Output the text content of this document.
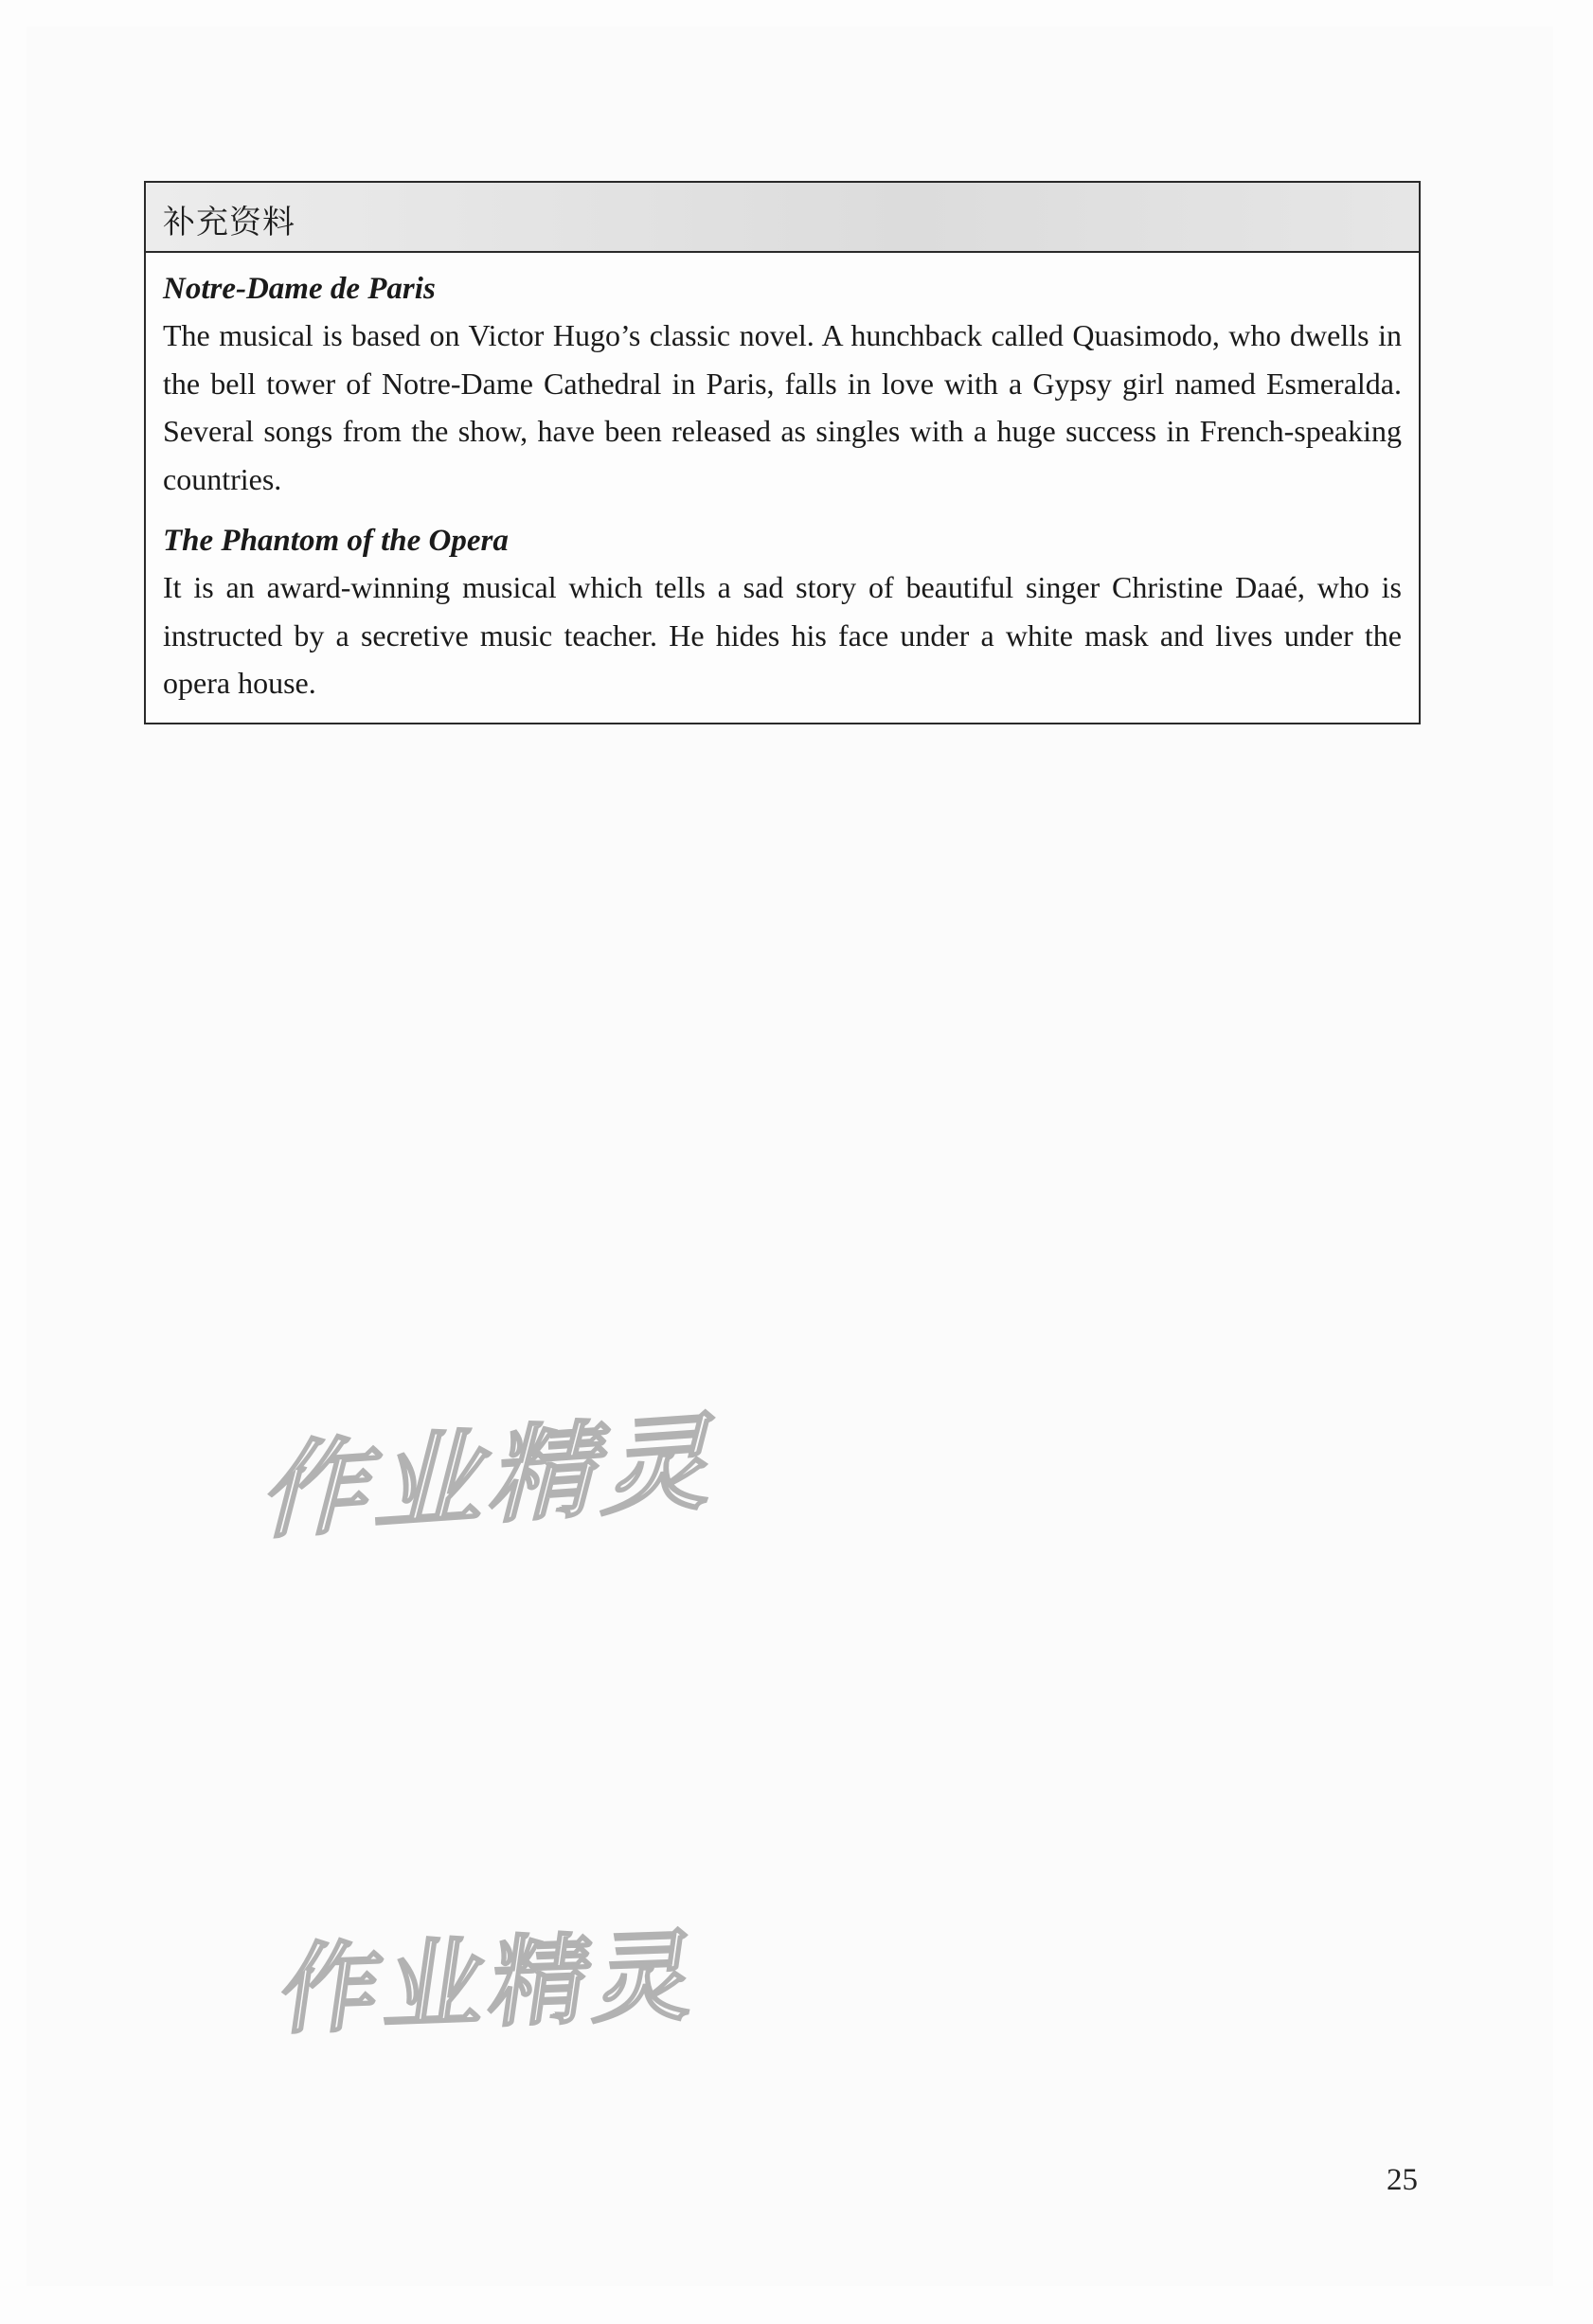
补充资料

Notre-Dame de Paris

The musical is based on Victor Hugo’s classic novel. A hunchback called Quasimodo, who dwells in the bell tower of Notre-Dame Cathedral in Paris, falls in love with a Gypsy girl named Esmeralda. Several songs from the show, have been released as singles with a huge success in French-speaking countries.

The Phantom of the Opera

It is an award-winning musical which tells a sad story of beautiful singer Christine Daaé, who is instructed by a secretive music teacher. He hides his face under a white mask and lives under the opera house.

作业精灵
作业精灵
25
